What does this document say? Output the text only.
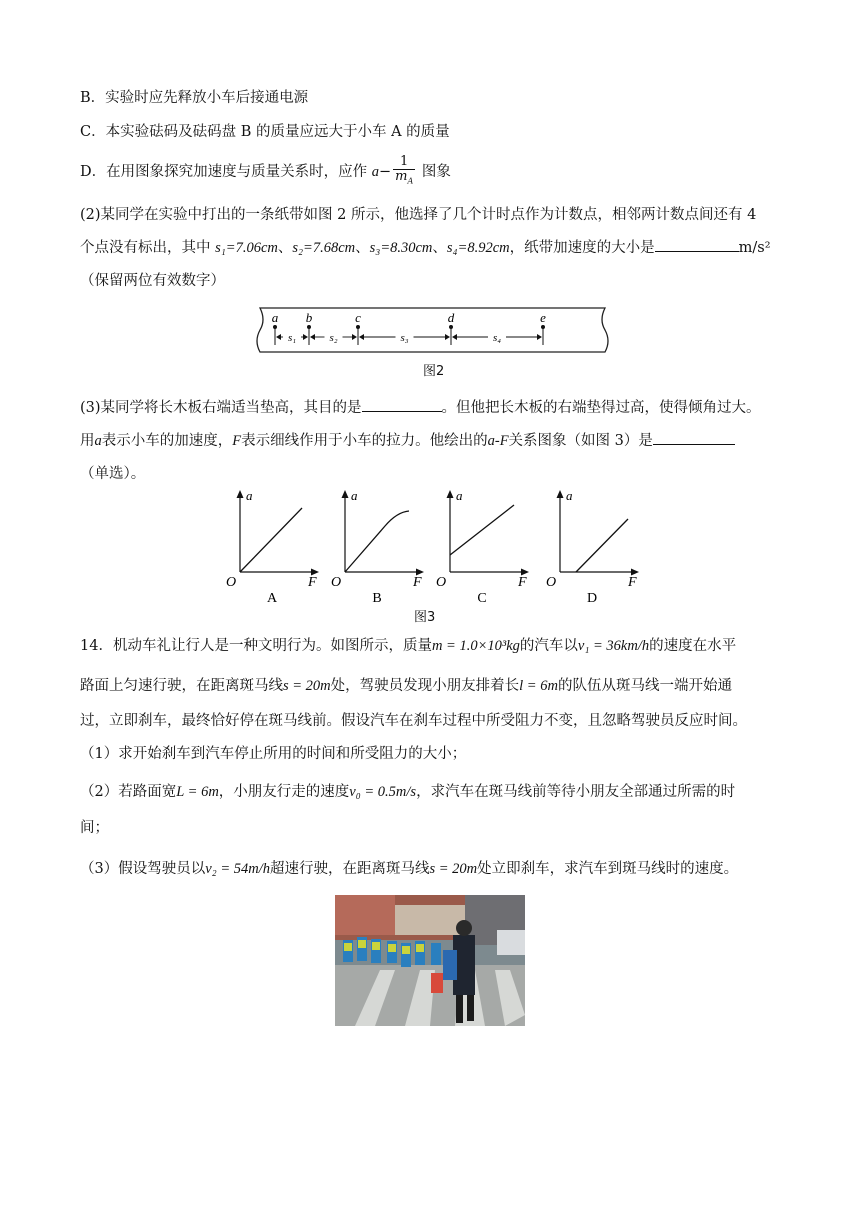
B．实验时应先释放小车后接通电源
C．本实验砝码及砝码盘 B 的质量应远大于小车 A 的质量
D．在用图象探究加速度与质量关系时，应作 $a- \frac{1}{m_A}$ 图象
(2)某同学在实验中打出的一条纸带如图 2 所示，他选择了几个计时点作为计数点，相邻两计数点间还有 4
个点没有标出，其中 s₁=7.06cm、s₂=7.68cm、s₃=8.30cm、s₄=8.92cm，纸带加速度的大小是	m/s²
（保留两位有效数字）
a b	c	d	e
s₁	s₂	s₃	s₄
图2
(3)某同学将长木板右端适当垫高，其目的是	。但他把长木板的右端垫得过高，使得倾角过大。
用a表示小车的加速度，F表示细线作用于小车的拉力。他绘出的a-F关系图象（如图 3）是
（单选）。
a
F
O
A
a
F
O
B
a
F
O
C
a
F
O
D
图3
14．机动车礼让行人是一种文明行为。如图所示，质量m = 1.0×10³kg的汽车以v₁ = 36km/h的速度在水平
路面上匀速行驶，在距离斑马线s = 20m处，驾驶员发现小朋友排着长l = 6m的队伍从斑马线一端开始通
过，立即刹车，最终恰好停在斑马线前。假设汽车在刹车过程中所受阻力不变，且忽略驾驶员反应时间。
（1）求开始刹车到汽车停止所用的时间和所受阻力的大小；
（2）若路面宽L = 6m，小朋友行走的速度v₀ = 0.5m/s，求汽车在斑马线前等待小朋友全部通过所需的时
间；
（3）假设驾驶员以v₂ = 54m/h超速行驶，在距离斑马线s = 20m处立即刹车，求汽车到斑马线时的速度。
